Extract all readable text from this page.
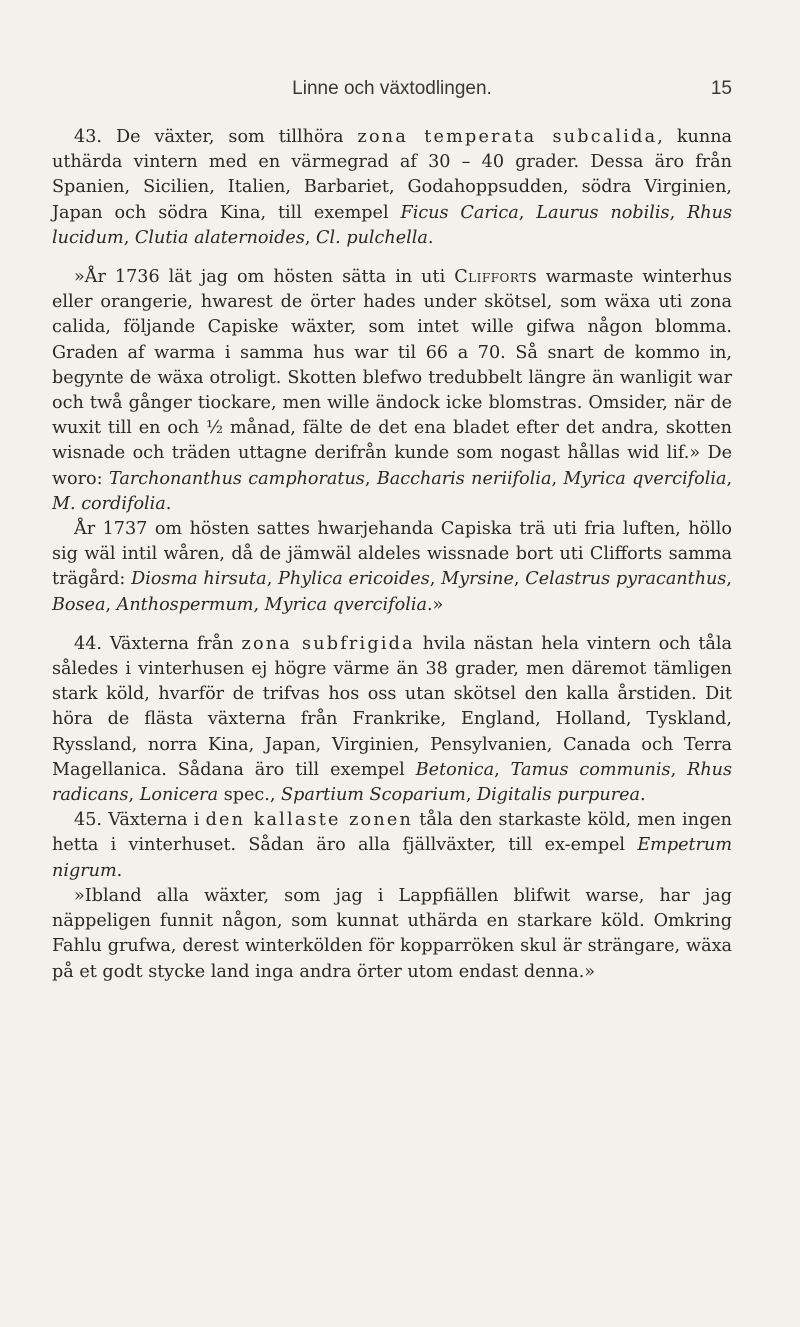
Linne och växtodlingen.	15

43. De växter, som tillhöra zona temperata subcalida, kunna uthärda vintern med en värmegrad af 30 – 40 grader. Dessa äro från Spanien, Sicilien, Italien, Barbariet, Godahoppsudden, södra Virginien, Japan och södra Kina, till exempel Ficus Carica, Laurus nobilis, Rhus lucidum, Clutia alaternoides, Cl. pulchella.

»År 1736 lät jag om hösten sätta in uti Clifforts warmaste winterhus eller orangerie, hwarest de örter hades under skötsel, som wäxa uti zona calida, följande Capiske wäxter, som intet wille gifwa någon blomma. Graden af warma i samma hus war til 66 a 70. Så snart de kommo in, begynte de wäxa otroligt. Skotten blefwo tredubbelt längre än wanligit war och twå gånger tiockare, men wille ändock icke blomstras. Omsider, när de wuxit till en och ½ månad, fälte de det ena bladet efter det andra, skotten wisnade och träden uttagne derifrån kunde som nogast hållas wid lif.» De woro: Tarchonanthus camphoratus, Baccharis neriifolia, Myrica qvercifolia, M. cordifolia.

År 1737 om hösten sattes hwarjehanda Capiska trä uti fria luften, höllo sig wäl intil wåren, då de jämwäl aldeles wissnade bort uti Clifforts samma trägård: Diosma hirsuta, Phylica ericoides, Myrsine, Celastrus pyracanthus, Bosea, Anthospermum, Myrica qvercifolia.»

44. Växterna från zona subfrigida hvila nästan hela vintern och tåla således i vinterhusen ej högre värme än 38 grader, men däremot tämligen stark köld, hvarför de trifvas hos oss utan skötsel den kalla årstiden. Dit höra de flästa växterna från Frankrike, England, Holland, Tyskland, Ryssland, norra Kina, Japan, Virginien, Pensylvanien, Canada och Terra Magellanica. Sådana äro till exempel Betonica, Tamus communis, Rhus radicans, Lonicera spec., Spartium Scoparium, Digitalis purpurea.

45. Växterna i den kallaste zonen tåla den starkaste köld, men ingen hetta i vinterhuset. Sådan äro alla fjällväxter, till ex-empel Empetrum nigrum.

»Ibland alla wäxter, som jag i Lappfiällen blifwit warse, har jag näppeligen funnit någon, som kunnat uthärda en starkare köld. Omkring Fahlu grufwa, derest winterkölden för kopparröken skul är strängare, wäxa på et godt stycke land inga andra örter utom endast denna.»
